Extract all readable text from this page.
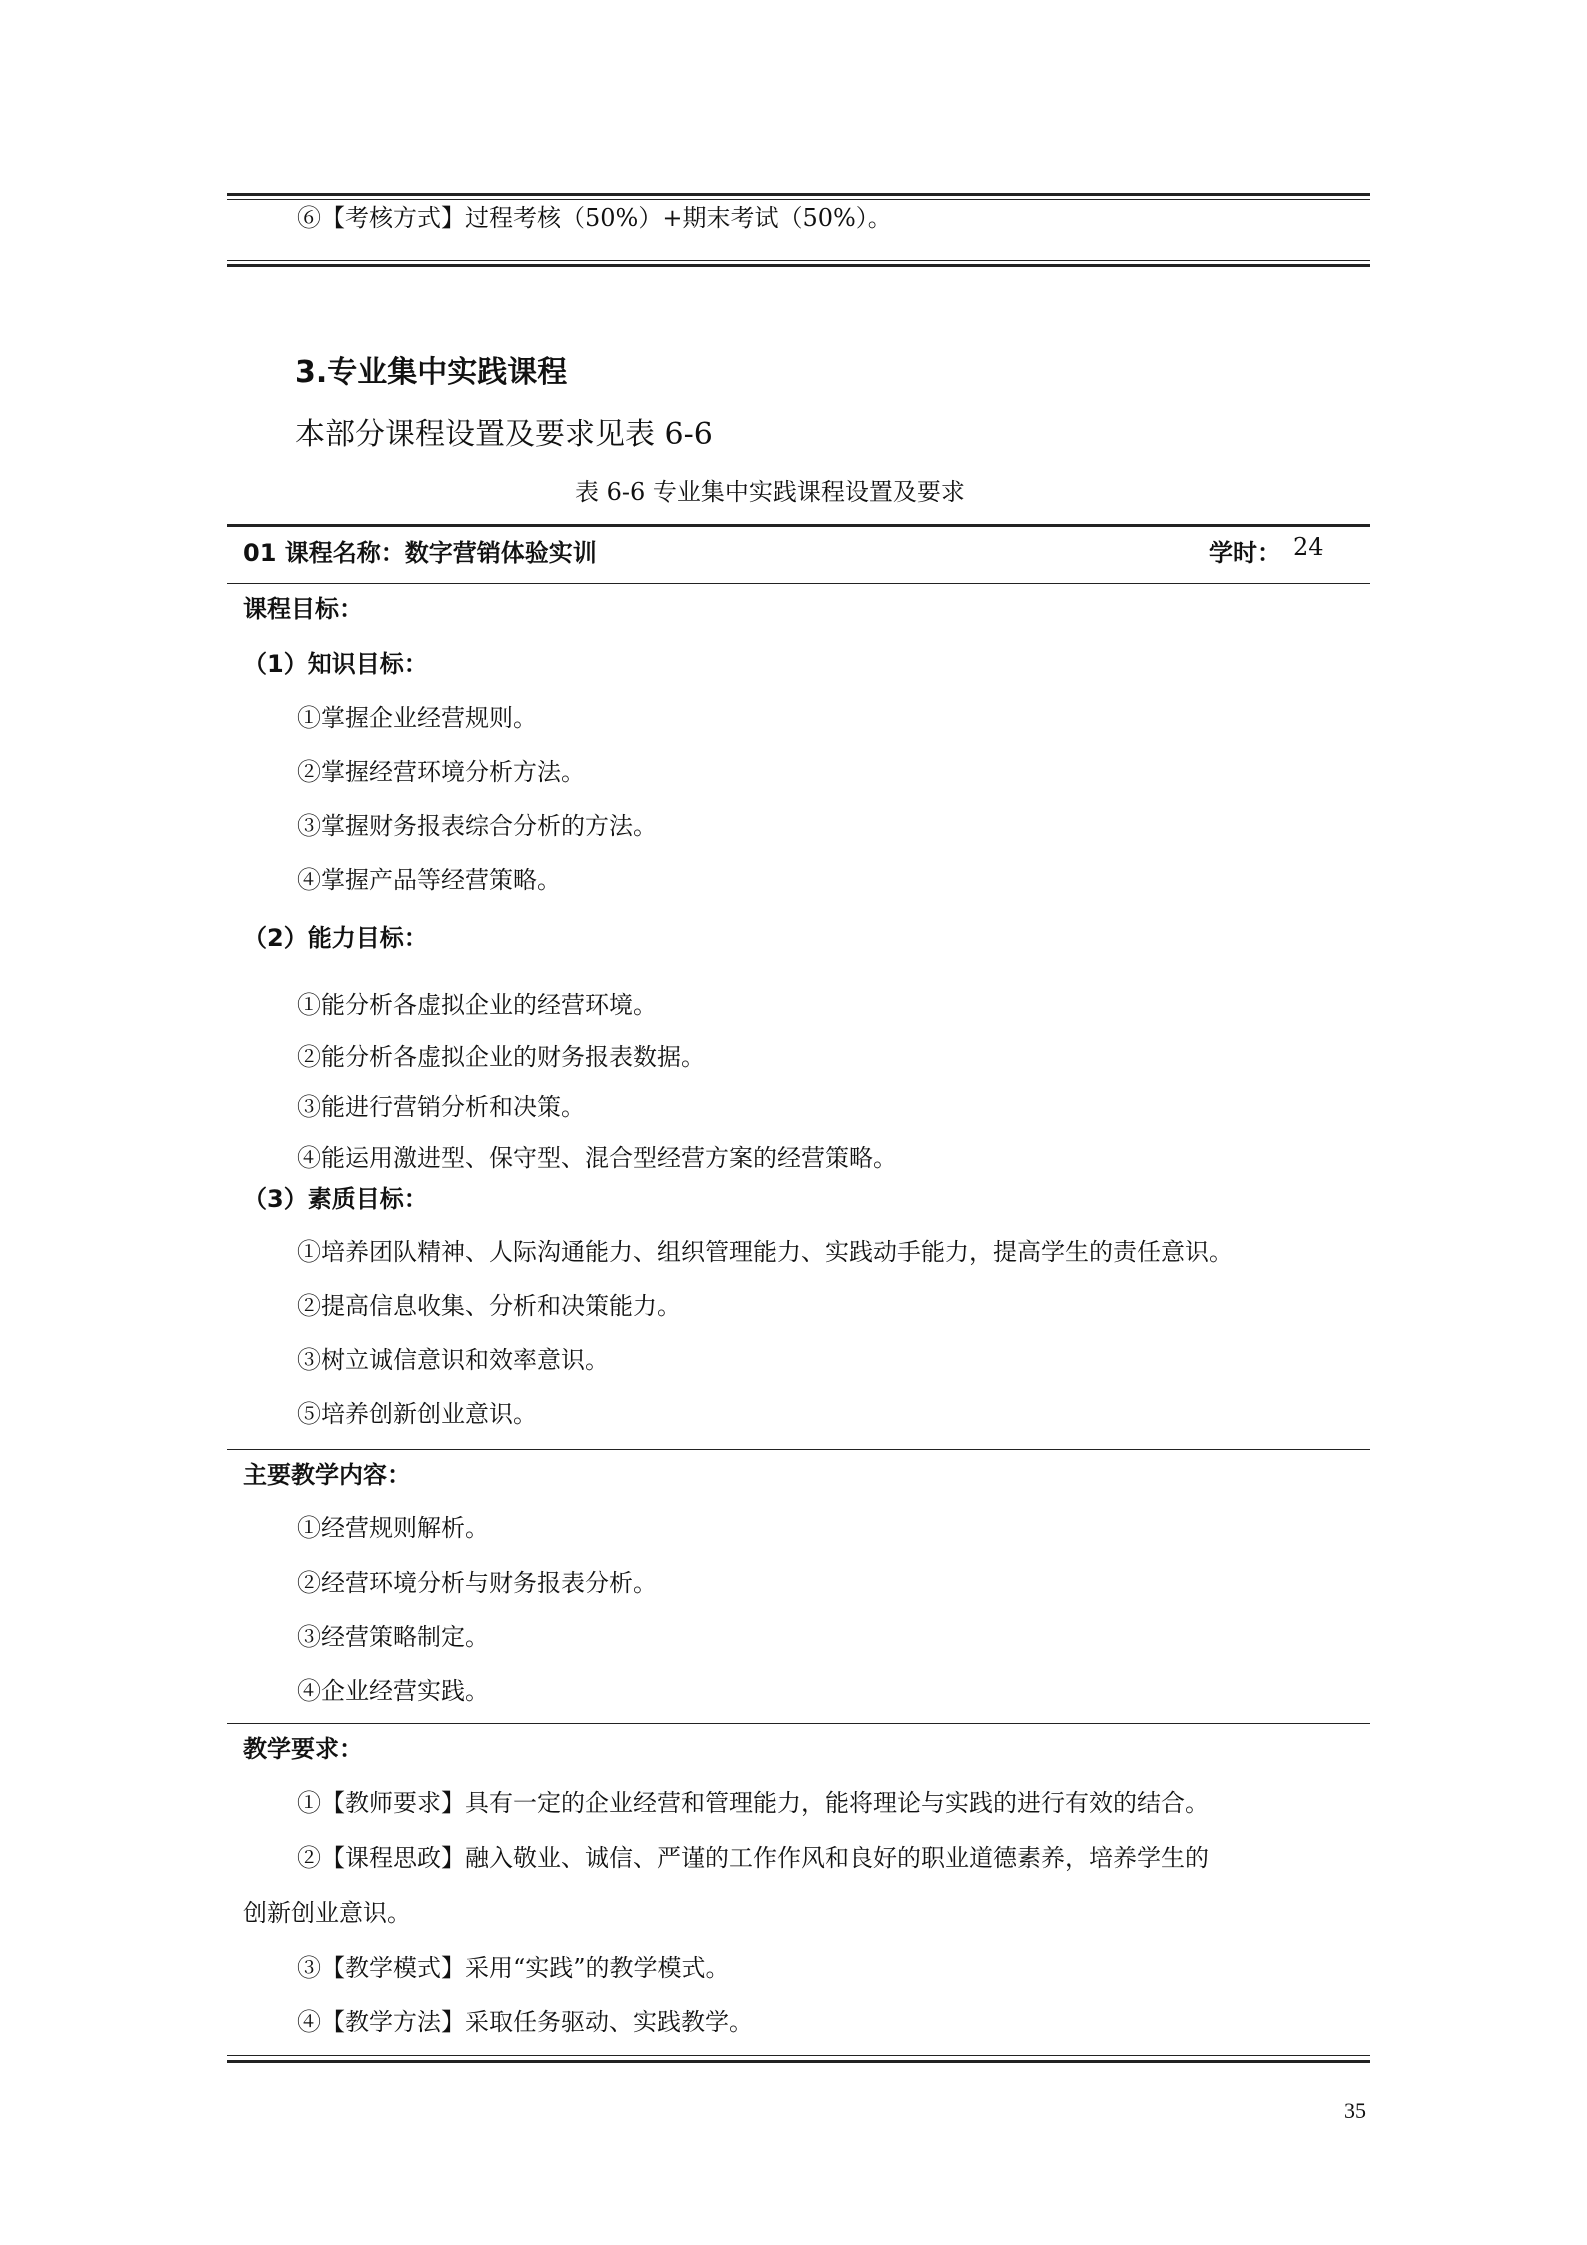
⑥【考核方式】过程考核（50%）+期末考试（50%）。
3.专业集中实践课程
本部分课程设置及要求见表 6-6
表 6-6 专业集中实践课程设置及要求
01 课程名称：数字营销体验实训	学时： 24
课程目标：
（1）知识目标：
①掌握企业经营规则。
②掌握经营环境分析方法。
③掌握财务报表综合分析的方法。
④掌握产品等经营策略。
（2）能力目标：
①能分析各虚拟企业的经营环境。
②能分析各虚拟企业的财务报表数据。
③能进行营销分析和决策。
④能运用激进型、保守型、混合型经营方案的经营策略。
（3）素质目标：
①培养团队精神、人际沟通能力、组织管理能力、实践动手能力，提高学生的责任意识。
②提高信息收集、分析和决策能力。
③树立诚信意识和效率意识。
⑤培养创新创业意识。
主要教学内容：
①经营规则解析。
②经营环境分析与财务报表分析。
③经营策略制定。
④企业经营实践。
教学要求：
①【教师要求】具有一定的企业经营和管理能力，能将理论与实践的进行有效的结合。
②【课程思政】融入敬业、诚信、严谨的工作作风和良好的职业道德素养，培养学生的
创新创业意识。
③【教学模式】采用“实践”的教学模式。
④【教学方法】采取任务驱动、实践教学。
35
